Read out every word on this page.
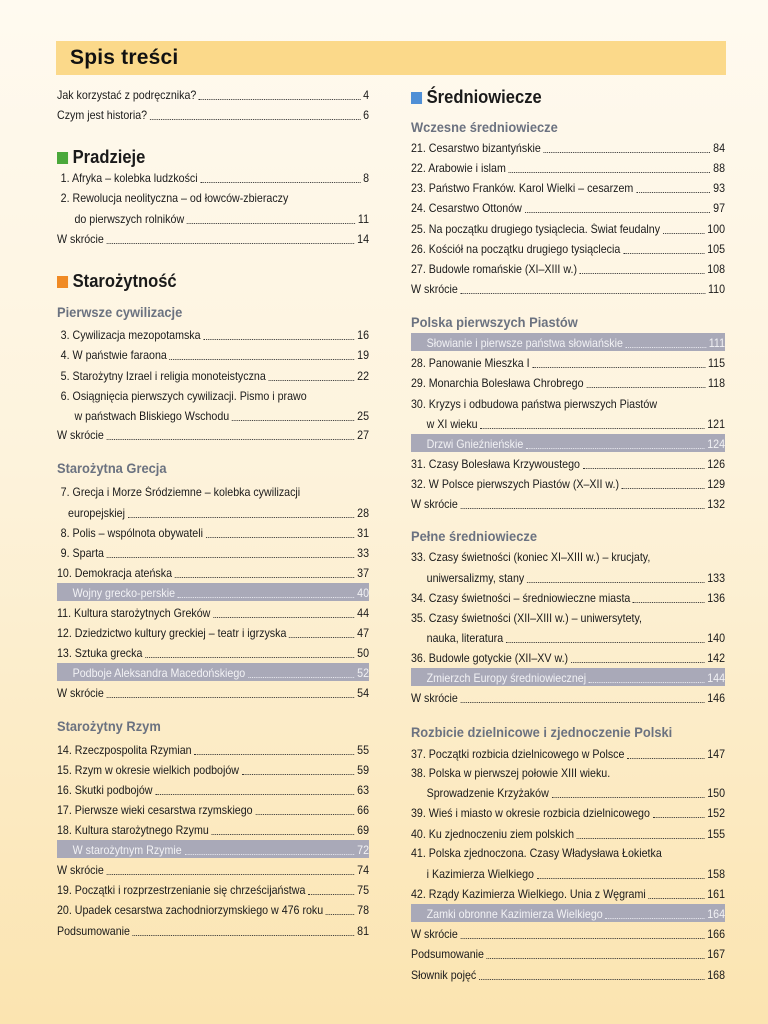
Spis treści
Jak korzystać z podręcznika?	4
Czym jest historia?	6
Pradzieje
1. Afryka – kolebka ludzkości	8
2. Rewolucja neolityczna – od łowców-zbieraczy
do pierwszych rolników	11
W skrócie	14
Starożytność
Pierwsze cywilizacje
3. Cywilizacja mezopotamska	16
4. W państwie faraona	19
5. Starożytny Izrael i religia monoteistyczna	22
6. Osiągnięcia pierwszych cywilizacji. Pismo i prawo
w państwach Bliskiego Wschodu	25
W skrócie	27
Starożytna Grecja
7. Grecja i Morze Śródziemne – kolebka cywilizacji
europejskiej	28
8. Polis – wspólnota obywateli	31
9. Sparta	33
10. Demokracja ateńska	37
Wojny grecko-perskie	40
11. Kultura starożytnych Greków	44
12. Dziedzictwo kultury greckiej – teatr i igrzyska	47
13. Sztuka grecka	50
Podboje Aleksandra Macedońskiego	52
W skrócie	54
Starożytny Rzym
14. Rzeczpospolita Rzymian	55
15. Rzym w okresie wielkich podbojów	59
16. Skutki podbojów	63
17. Pierwsze wieki cesarstwa rzymskiego	66
18. Kultura starożytnego Rzymu	69
W starożytnym Rzymie	72
W skrócie	74
19. Początki i rozprzestrzenianie się chrześcijaństwa	75
20. Upadek cesarstwa zachodniorzymskiego w 476 roku	78
Podsumowanie	81
Średniowiecze
Wczesne średniowiecze
21. Cesarstwo bizantyńskie	84
22. Arabowie i islam	88
23. Państwo Franków. Karol Wielki – cesarzem	93
24. Cesarstwo Ottonów	97
25. Na początku drugiego tysiąclecia. Świat feudalny	100
26. Kościół na początku drugiego tysiąclecia	105
27. Budowle romańskie (XI–XIII w.)	108
W skrócie	110
Polska pierwszych Piastów
Słowianie i pierwsze państwa słowiańskie	111
28. Panowanie Mieszka I	115
29. Monarchia Bolesława Chrobrego	118
30. Kryzys i odbudowa państwa pierwszych Piastów
w XI wieku	121
Drzwi Gnieźnieńskie	124
31. Czasy Bolesława Krzywoustego	126
32. W Polsce pierwszych Piastów (X–XII w.)	129
W skrócie	132
Pełne średniowiecze
33. Czasy świetności (koniec XI–XIII w.) – krucjaty,
uniwersalizmy, stany	133
34. Czasy świetności – średniowieczne miasta	136
35. Czasy świetności (XII–XIII w.) – uniwersytety,
nauka, literatura	140
36. Budowle gotyckie (XII–XV w.)	142
Zmierzch Europy średniowiecznej	144
W skrócie	146
Rozbicie dzielnicowe i zjednoczenie Polski
37. Początki rozbicia dzielnicowego w Polsce	147
38. Polska w pierwszej połowie XIII wieku.
Sprowadzenie Krzyżaków	150
39. Wieś i miasto w okresie rozbicia dzielnicowego	152
40. Ku zjednoczeniu ziem polskich	155
41. Polska zjednoczona. Czasy Władysława Łokietka
i Kazimierza Wielkiego	158
42. Rządy Kazimierza Wielkiego. Unia z Węgrami	161
Zamki obronne Kazimierza Wielkiego	164
W skrócie	166
Podsumowanie	167
Słownik pojęć	168
